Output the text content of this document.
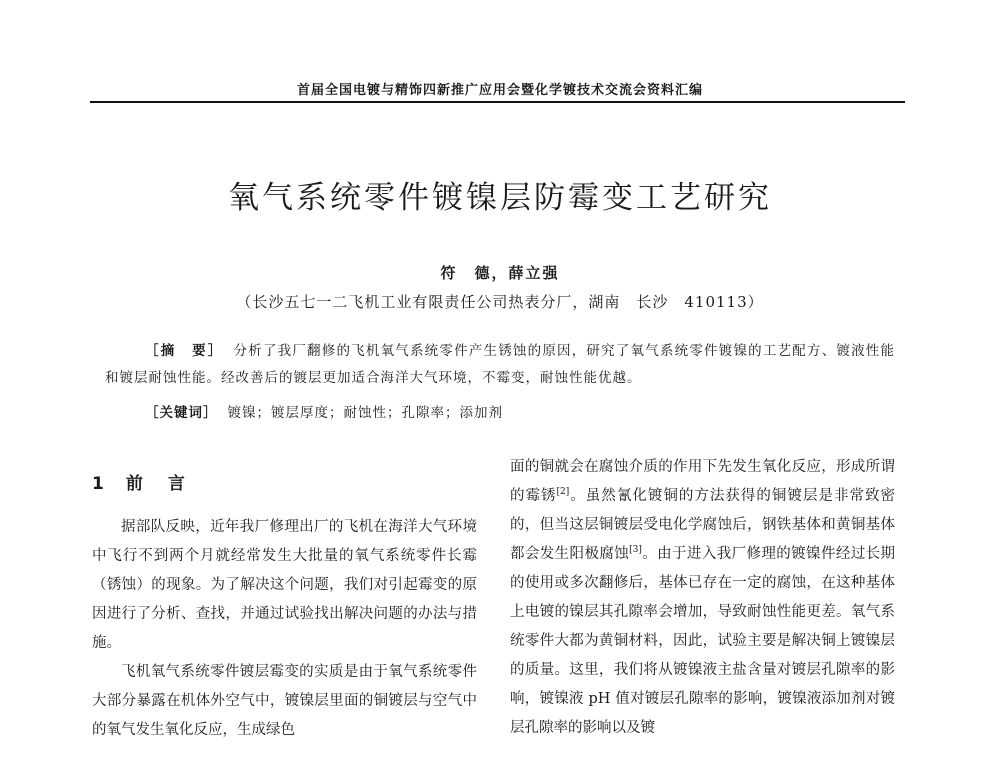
首届全国电镀与精饰四新推广应用会暨化学镀技术交流会资料汇编
氧气系统零件镀镍层防霉变工艺研究
符　德，薛立强
（长沙五七一二飞机工业有限责任公司热表分厂，湖南　长沙　410113）

［摘　要］ 分析了我厂翻修的飞机氧气系统零件产生锈蚀的原因，研究了氧气系统零件镀镍的工艺配方、镀液性能和镀层耐蚀性能。经改善后的镀层更加适合海洋大气环境，不霉变，耐蚀性能优越。

［关键词］ 镀镍；镀层厚度；耐蚀性；孔隙率；添加剂
1 前　言

据部队反映，近年我厂修理出厂的飞机在海洋大气环境中飞行不到两个月就经常发生大批量的氧气系统零件长霉（锈蚀）的现象。为了解决这个问题，我们对引起霉变的原因进行了分析、查找，并通过试验找出解决问题的办法与措施。

飞机氧气系统零件镀层霉变的实质是由于氧气系统零件大部分暴露在机体外空气中，镀镍层里面的铜镀层与空气中的氧气发生氧化反应，生成绿色

面的铜就会在腐蚀介质的作用下先发生氧化反应，形成所谓的霉锈[2]。虽然氰化镀铜的方法获得的铜镀层是非常致密的，但当这层铜镀层受电化学腐蚀后，钢铁基体和黄铜基体都会发生阳极腐蚀[3]。由于进入我厂修理的镀镍件经过长期的使用或多次翻修后，基体已存在一定的腐蚀，在这种基体上电镀的镍层其孔隙率会增加，导致耐蚀性能更差。氧气系统零件大都为黄铜材料，因此，试验主要是解决铜上镀镍层的质量。这里，我们将从镀镍液主盐含量对镀层孔隙率的影响，镀镍液 pH 值对镀层孔隙率的影响，镀镍液添加剂对镀层孔隙率的影响以及镀
